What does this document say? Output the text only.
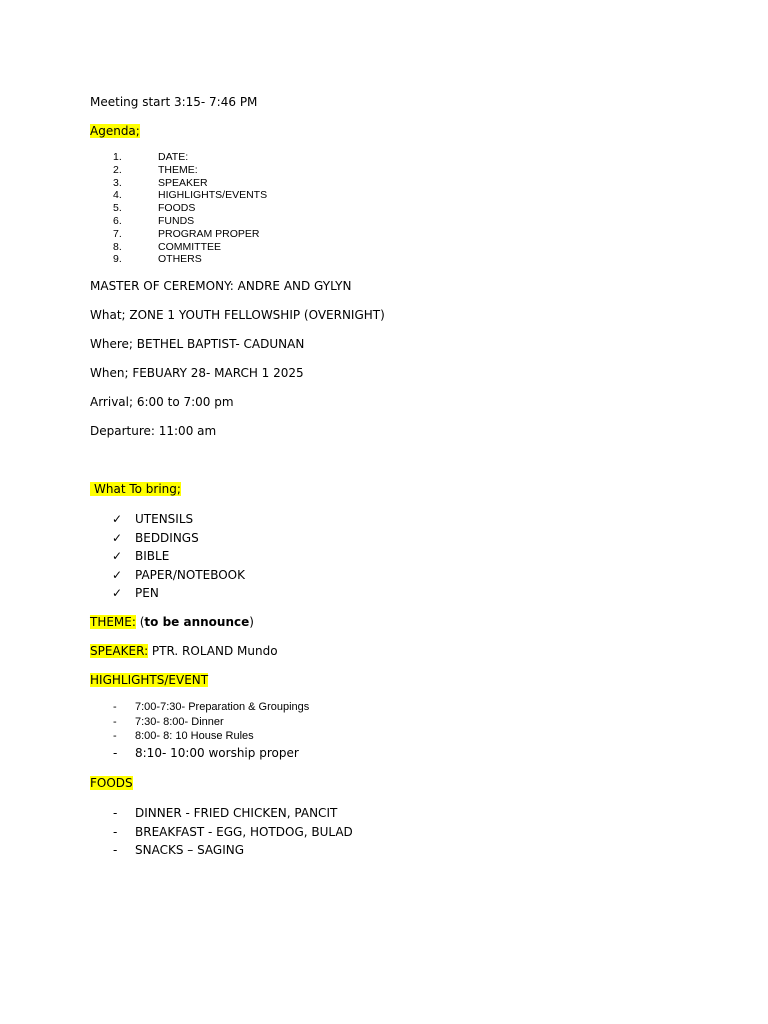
Meeting start 3:15- 7:46 PM
Agenda;
1.	DATE:
2.	THEME:
3.	SPEAKER
4.	HIGHLIGHTS/EVENTS
5.	FOODS
6.	FUNDS
7.	PROGRAM PROPER
8.	COMMITTEE
9.	OTHERS
MASTER OF CEREMONY: ANDRE AND GYLYN
What; ZONE 1 YOUTH FELLOWSHIP (OVERNIGHT)
Where; BETHEL BAPTIST- CADUNAN
When; FEBUARY 28- MARCH 1 2025
Arrival; 6:00 to 7:00 pm
Departure: 11:00 am
What To bring;
✓ UTENSILS
✓ BEDDINGS
✓ BIBLE
✓ PAPER/NOTEBOOK
✓ PEN
THEME: (to be announce)
SPEAKER: PTR. ROLAND Mundo
HIGHLIGHTS/EVENT
- 7:00-7:30- Preparation & Groupings
- 7:30- 8:00- Dinner
- 8:00- 8: 10 House Rules
- 8:10- 10:00 worship proper
FOODS
- DINNER - FRIED CHICKEN, PANCIT
- BREAKFAST - EGG, HOTDOG, BULAD
- SNACKS – SAGING
